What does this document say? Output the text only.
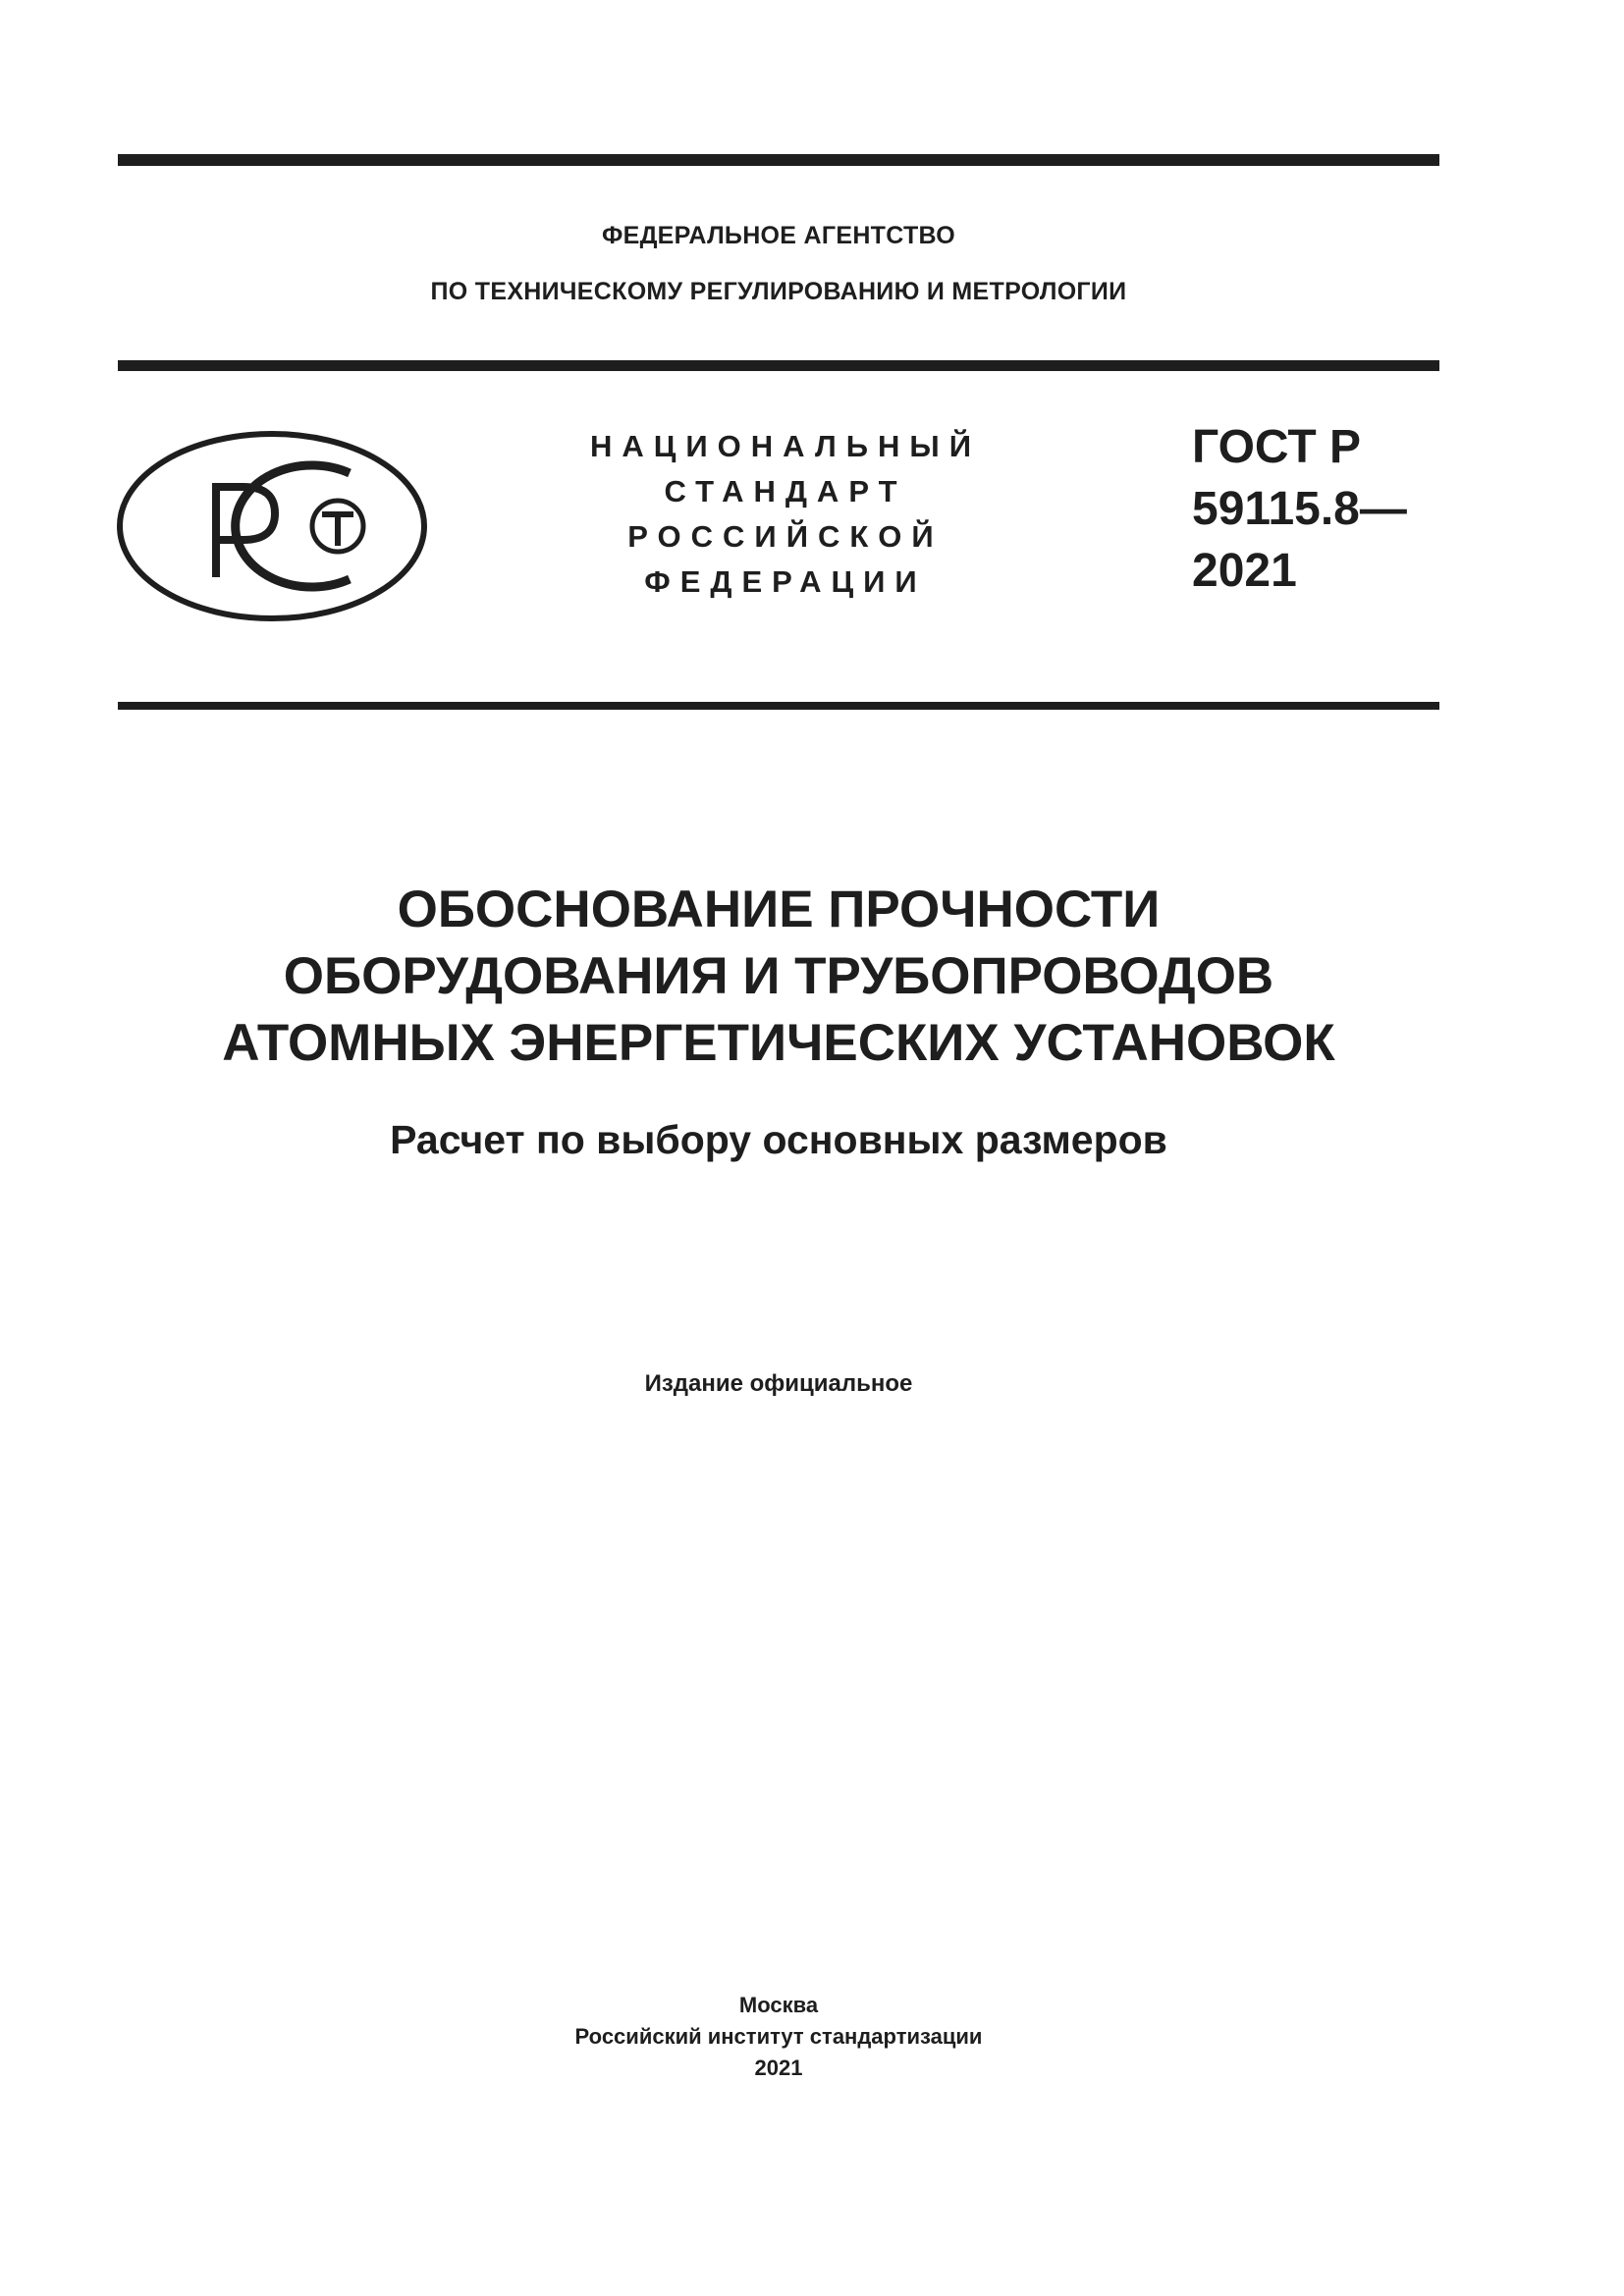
ФЕДЕРАЛЬНОЕ АГЕНТСТВО
ПО ТЕХНИЧЕСКОМУ РЕГУЛИРОВАНИЮ И МЕТРОЛОГИИ
НАЦИОНАЛЬНЫЙ
СТАНДАРТ
РОССИЙСКОЙ
ФЕДЕРАЦИИ
ГОСТ Р
59115.8—
2021
ОБОСНОВАНИЕ ПРОЧНОСТИ
ОБОРУДОВАНИЯ И ТРУБОПРОВОДОВ
АТОМНЫХ ЭНЕРГЕТИЧЕСКИХ УСТАНОВОК
Расчет по выбору основных размеров
Издание официальное
Москва
Российский институт стандартизации
2021
